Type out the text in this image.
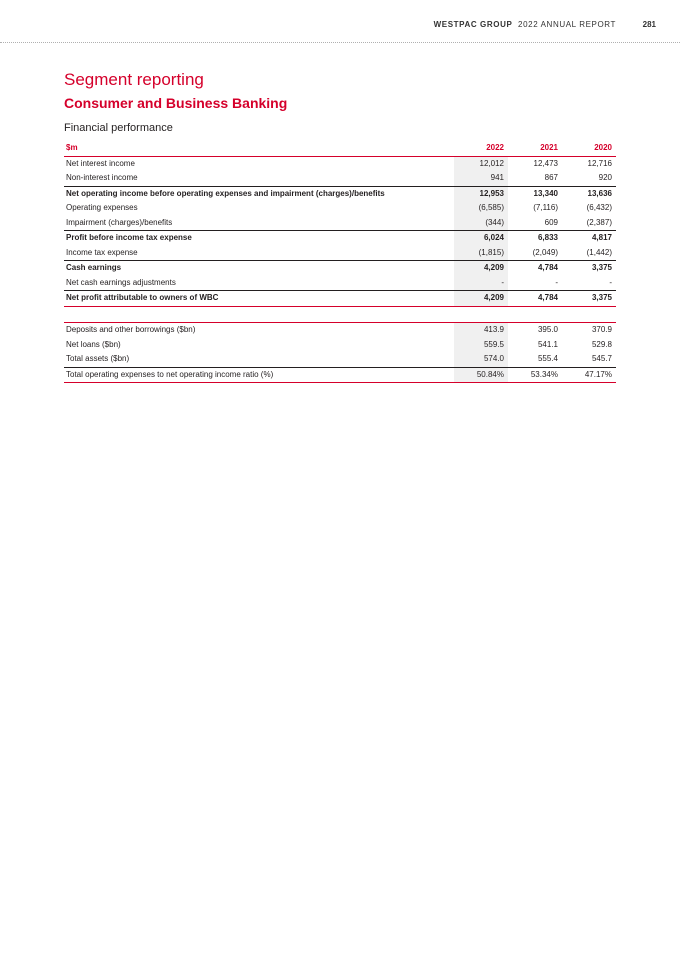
WESTPAC GROUP 2022 ANNUAL REPORT	281
Segment reporting
Consumer and Business Banking
Financial performance
$m	2022	2021	2020
Net interest income	12,012	12,473	12,716
Non-interest income	941	867	920
Net operating income before operating expenses and impairment (charges)/benefits	12,953	13,340	13,636
Operating expenses	(6,585)	(7,116)	(6,432)
Impairment (charges)/benefits	(344)	609	(2,387)
Profit before income tax expense	6,024	6,833	4,817
Income tax expense	(1,815)	(2,049)	(1,442)
Cash earnings	4,209	4,784	3,375
Net cash earnings adjustments	-	-	-
Net profit attributable to owners of WBC	4,209	4,784	3,375
Deposits and other borrowings ($bn)	413.9	395.0	370.9
Net loans ($bn)	559.5	541.1	529.8
Total assets ($bn)	574.0	555.4	545.7
Total operating expenses to net operating income ratio (%)	50.84%	53.34%	47.17%
